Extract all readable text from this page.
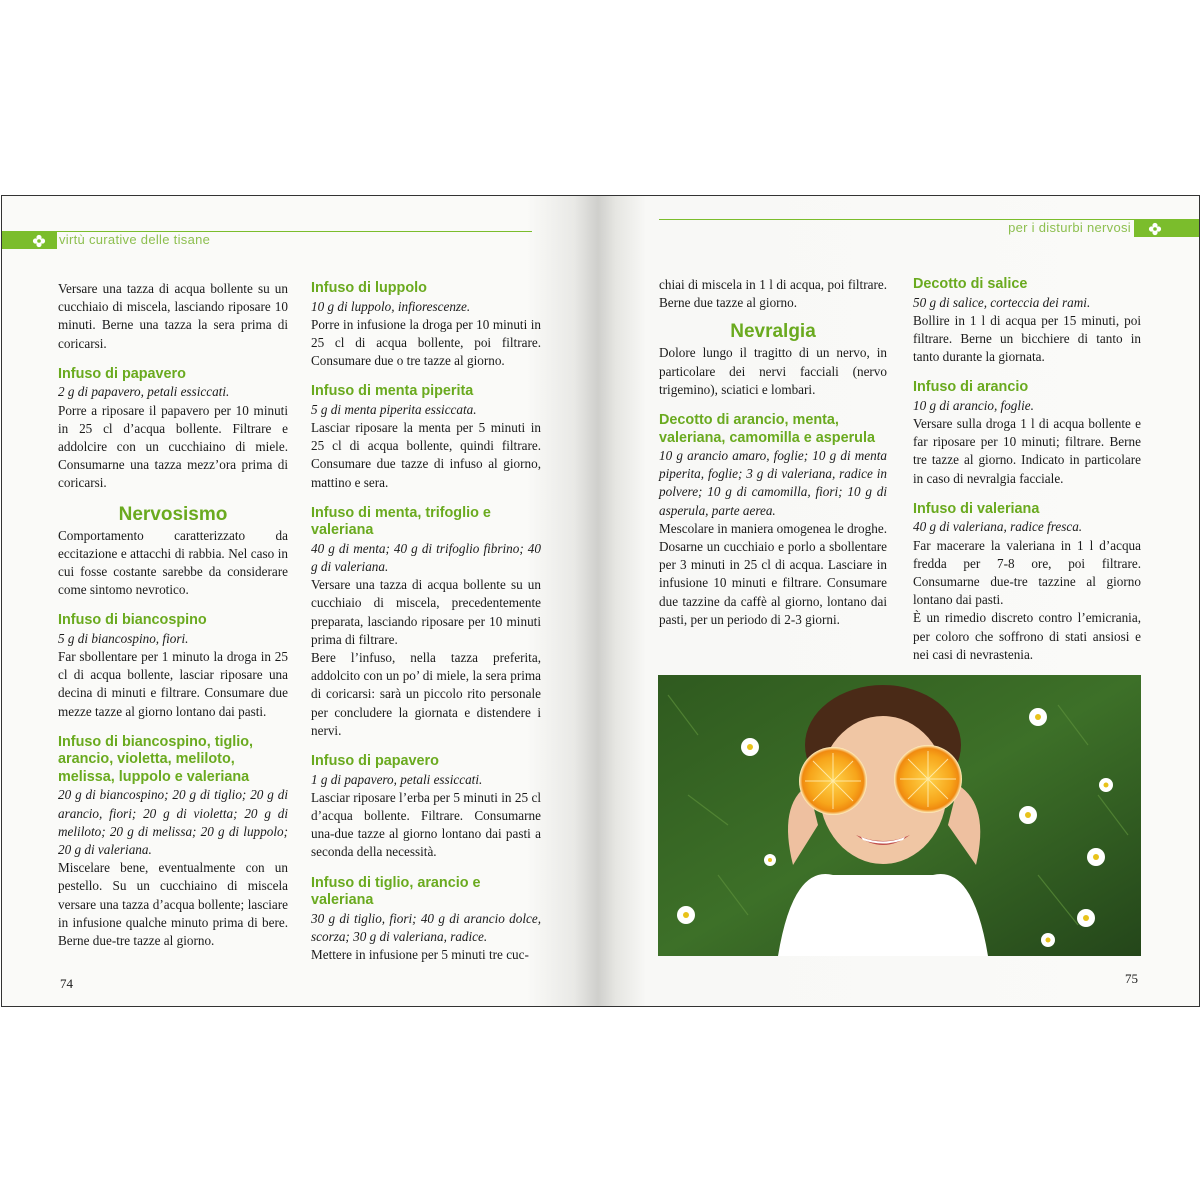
virtù curative delle tisane

Versare una tazza di acqua bollente su un cucchiaio di miscela, lasciando riposare 10 minuti. Berne una tazza la sera prima di coricarsi.

Infuso di papavero

2 g di papavero, petali essiccati.

Porre a riposare il papavero per 10 minuti in 25 cl d’acqua bollente. Filtrare e addolcire con un cucchiaino di miele. Consumarne una tazza mezz’ora prima di coricarsi.

Nervosismo

Comportamento caratterizzato da eccitazione e attacchi di rabbia. Nel caso in cui fosse costante sarebbe da considerare come sintomo nevrotico.

Infuso di biancospino

5 g di biancospino, fiori.

Far sbollentare per 1 minuto la droga in 25 cl di acqua bollente, lasciar riposare una decina di minuti e filtrare. Consumare due mezze tazze al giorno lontano dai pasti.

Infuso di biancospino, tiglio, arancio, violetta, meliloto, melissa, luppolo e valeriana

20 g di biancospino; 20 g di tiglio; 20 g di arancio, fiori; 20 g di violetta; 20 g di meliloto; 20 g di melissa; 20 g di luppolo; 20 g di valeriana.

Miscelare bene, eventualmente con un pestello. Su un cucchiaino di miscela versare una tazza d’acqua bollente; lasciare in infusione qualche minuto prima di bere. Berne due-tre tazze al giorno.

Infuso di luppolo

10 g di luppolo, infiorescenze.

Porre in infusione la droga per 10 minuti in 25 cl di acqua bollente, poi filtrare. Consumare due o tre tazze al giorno.

Infuso di menta piperita

5 g di menta piperita essiccata.

Lasciar riposare la menta per 5 minuti in 25 cl di acqua bollente, quindi filtrare. Consumare due tazze di infuso al giorno, mattino e sera.

Infuso di menta, trifoglio e valeriana

40 g di menta; 40 g di trifoglio fibrino; 40 g di valeriana.

Versare una tazza di acqua bollente su un cucchiaio di miscela, precedentemente preparata, lasciando riposare per 10 minuti prima di filtrare.

Bere l’infuso, nella tazza preferita, addolcito con un po’ di miele, la sera prima di coricarsi: sarà un piccolo rito personale per concludere la giornata e distendere i nervi.

Infuso di papavero

1 g di papavero, petali essiccati.

Lasciar riposare l’erba per 5 minuti in 25 cl d’acqua bollente. Filtrare. Consumarne una-due tazze al giorno lontano dai pasti a seconda della necessità.

Infuso di tiglio, arancio e valeriana

30 g di tiglio, fiori; 40 g di arancio dolce, scorza; 30 g di valeriana, radice.

Mettere in infusione per 5 minuti tre cuc-

74
per i disturbi nervosi

chiai di miscela in 1 l di acqua, poi filtrare. Berne due tazze al giorno.

Nevralgia

Dolore lungo il tragitto di un nervo, in particolare dei nervi facciali (nervo trigemino), sciatici e lombari.

Decotto di arancio, menta, valeriana, camomilla e asperula

10 g arancio amaro, foglie; 10 g di menta piperita, foglie; 3 g di valeriana, radice in polvere; 10 g di camomilla, fiori; 10 g di asperula, parte aerea.

Mescolare in maniera omogenea le droghe. Dosarne un cucchiaio e porlo a sbollentare per 3 minuti in 25 cl di acqua. Lasciare in infusione 10 minuti e filtrare. Consumare due tazzine da caffè al giorno, lontano dai pasti, per un periodo di 2-3 giorni.

Decotto di salice

50 g di salice, corteccia dei rami.

Bollire in 1 l di acqua per 15 minuti, poi filtrare. Berne un bicchiere di tanto in tanto durante la giornata.

Infuso di arancio

10 g di arancio, foglie.

Versare sulla droga 1 l di acqua bollente e far riposare per 10 minuti; filtrare. Berne tre tazze al giorno. Indicato in particolare in caso di nevralgia facciale.

Infuso di valeriana

40 g di valeriana, radice fresca.

Far macerare la valeriana in 1 l d’acqua fredda per 7-8 ore, poi filtrare. Consumarne due-tre tazzine al giorno lontano dai pasti.

È un rimedio discreto contro l’emicrania, per coloro che soffrono di stati ansiosi e nei casi di nevrastenia.

75
